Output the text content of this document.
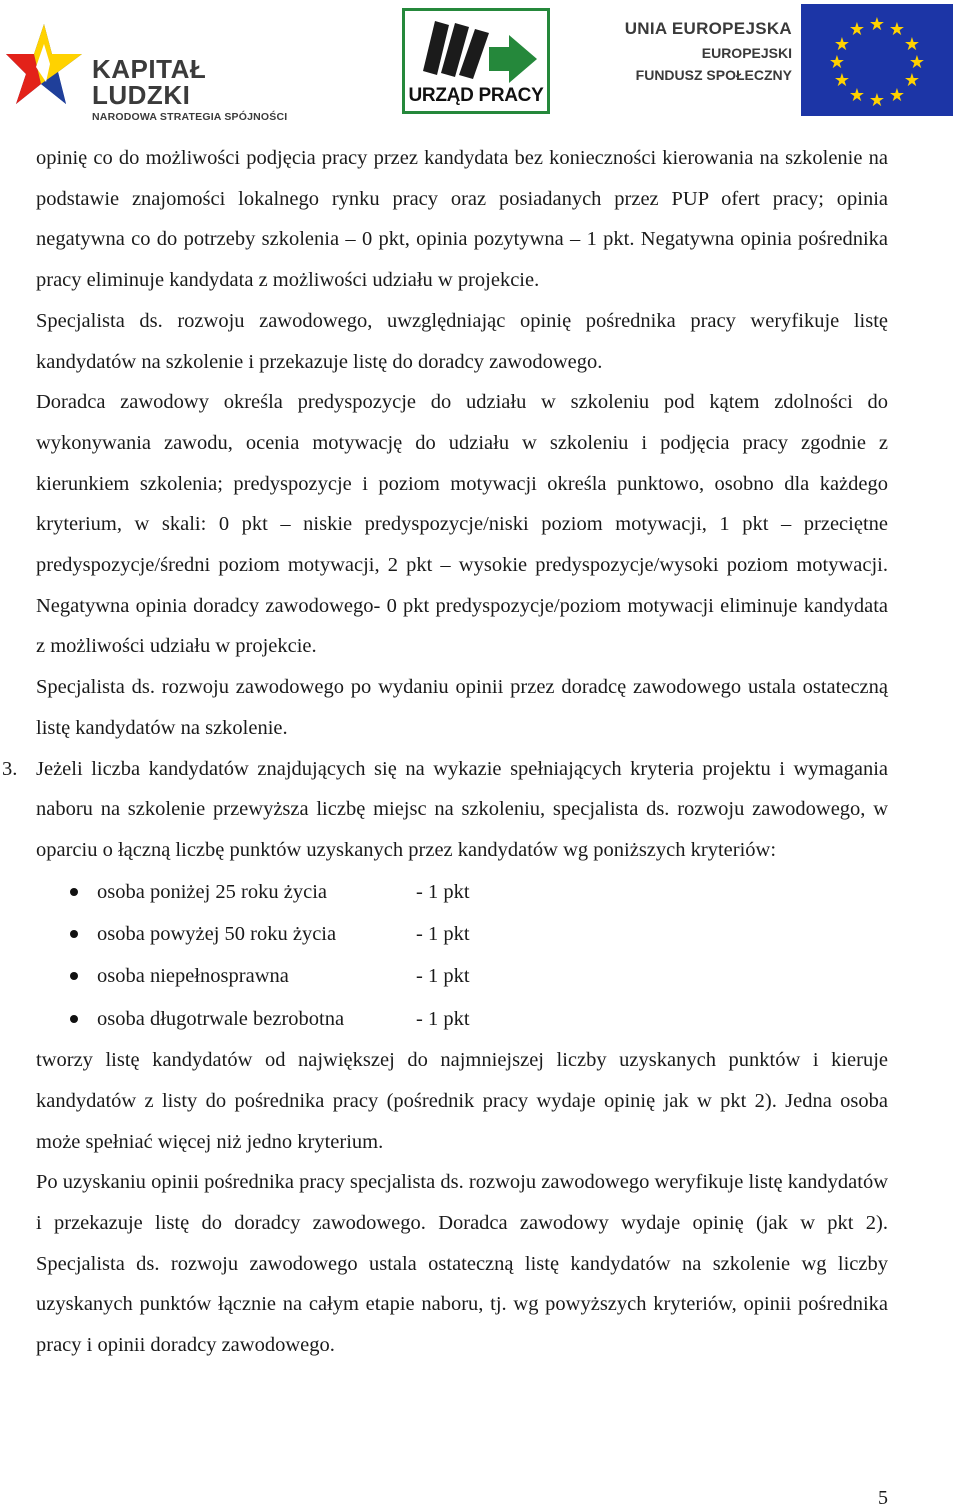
KAPITAŁ LUDZKI
NARODOWA STRATEGIA SPÓJNOŚCI
URZĄD PRACY
UNIA EUROPEJSKA
EUROPEJSKI
FUNDUSZ SPOŁECZNY
★ ★
★
★
★
★
★
★
★
★
★
★

opinię co do możliwości podjęcia pracy przez kandydata bez konieczności kierowania na szkolenie na podstawie znajomości lokalnego rynku pracy oraz posiadanych przez PUP ofert pracy; opinia negatywna co do potrzeby szkolenia – 0 pkt, opinia pozytywna – 1 pkt. Negatywna opinia pośrednika pracy eliminuje kandydata z możliwości udziału w projekcie.

Specjalista ds. rozwoju zawodowego, uwzględniając opinię pośrednika pracy weryfikuje listę kandydatów na szkolenie i przekazuje listę do doradcy zawodowego.

Doradca zawodowy określa predyspozycje do udziału w szkoleniu pod kątem zdolności do wykonywania zawodu, ocenia motywację do udziału w szkoleniu i podjęcia pracy zgodnie z kierunkiem szkolenia; predyspozycje i poziom motywacji określa punktowo, osobno dla każdego kryterium, w skali: 0 pkt – niskie predyspozycje/niski poziom motywacji, 1 pkt – przeciętne predyspozycje/średni poziom motywacji, 2 pkt – wysokie predyspozycje/wysoki poziom motywacji. Negatywna opinia doradcy zawodowego- 0 pkt predyspozycje/poziom motywacji eliminuje kandydata z możliwości udziału w projekcie.

Specjalista ds. rozwoju zawodowego po wydaniu opinii przez doradcę zawodowego ustala ostateczną listę kandydatów na szkolenie.

3. Jeżeli liczba kandydatów znajdujących się na wykazie spełniających kryteria projektu i wymagania naboru na szkolenie przewyższa liczbę miejsc na szkoleniu, specjalista ds. rozwoju zawodowego, w oparciu o łączną liczbę punktów uzyskanych przez kandydatów wg poniższych kryteriów:

osoba poniżej 25 roku życia	- 1 pkt
osoba powyżej 50 roku życia	- 1 pkt
osoba niepełnosprawna	- 1 pkt
osoba długotrwale bezrobotna	- 1 pkt

tworzy listę kandydatów od największej do najmniejszej liczby uzyskanych punktów i kieruje kandydatów z listy do pośrednika pracy (pośrednik pracy wydaje opinię jak w pkt 2). Jedna osoba może spełniać więcej niż jedno kryterium.

Po uzyskaniu opinii pośrednika pracy specjalista ds. rozwoju zawodowego weryfikuje listę kandydatów i przekazuje listę do doradcy zawodowego. Doradca zawodowy wydaje opinię (jak w pkt 2). Specjalista ds. rozwoju zawodowego ustala ostateczną listę kandydatów na szkolenie wg liczby uzyskanych punktów łącznie na całym etapie naboru, tj. wg powyższych kryteriów, opinii pośrednika pracy i opinii doradcy zawodowego.

5
